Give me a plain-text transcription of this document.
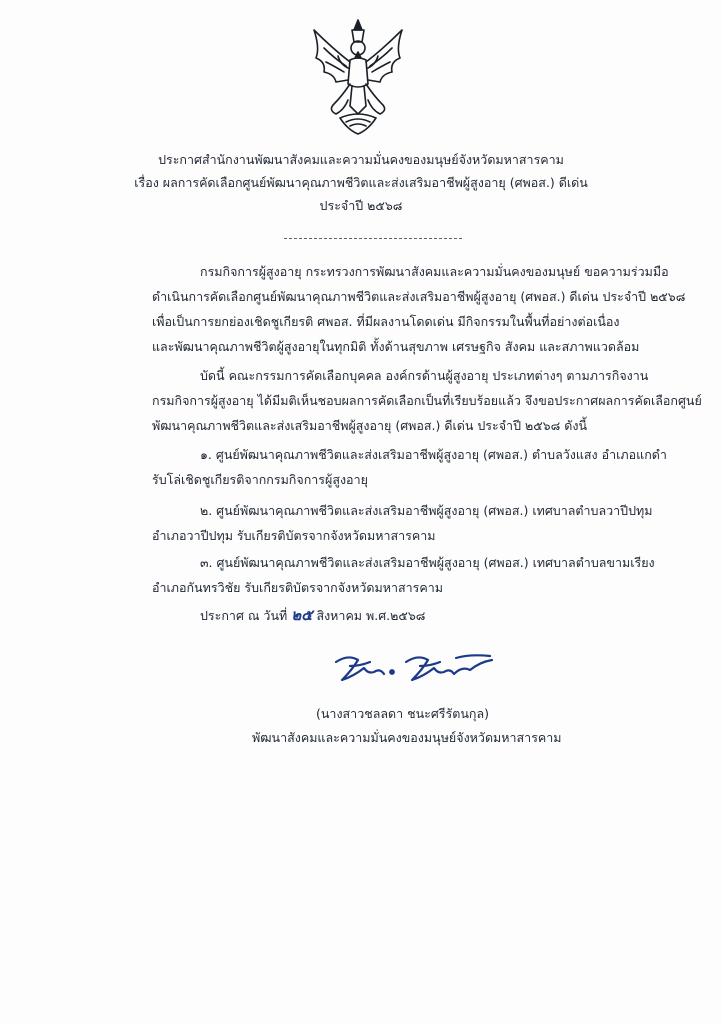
ประกาศสำนักงานพัฒนาสังคมและความมั่นคงของมนุษย์จังหวัดมหาสารคาม
เรื่อง ผลการคัดเลือกศูนย์พัฒนาคุณภาพชีวิตและส่งเสริมอาชีพผู้สูงอายุ (ศพอส.) ดีเด่น
ประจำปี ๒๕๖๘
กรมกิจการผู้สูงอายุ กระทรวงการพัฒนาสังคมและความมั่นคงของมนุษย์ ขอความร่วมมือ
ดำเนินการคัดเลือกศูนย์พัฒนาคุณภาพชีวิตและส่งเสริมอาชีพผู้สูงอายุ (ศพอส.) ดีเด่น ประจำปี ๒๕๖๘
เพื่อเป็นการยกย่องเชิดชูเกียรติ ศพอส. ที่มีผลงานโดดเด่น มีกิจกรรมในพื้นที่อย่างต่อเนื่อง
และพัฒนาคุณภาพชีวิตผู้สูงอายุในทุกมิติ ทั้งด้านสุขภาพ เศรษฐกิจ สังคม และสภาพแวดล้อม
บัดนี้ คณะกรรมการคัดเลือกบุคคล องค์กรด้านผู้สูงอายุ ประเภทต่างๆ ตามภารกิจงาน
กรมกิจการผู้สูงอายุ ได้มีมติเห็นชอบผลการคัดเลือกเป็นที่เรียบร้อยแล้ว จึงขอประกาศผลการคัดเลือกศูนย์
พัฒนาคุณภาพชีวิตและส่งเสริมอาชีพผู้สูงอายุ (ศพอส.) ดีเด่น ประจำปี ๒๕๖๘ ดังนี้
๑. ศูนย์พัฒนาคุณภาพชีวิตและส่งเสริมอาชีพผู้สูงอายุ (ศพอส.) ตำบลวังแสง อำเภอแกดำ
รับโล่เชิดชูเกียรติจากกรมกิจการผู้สูงอายุ
๒. ศูนย์พัฒนาคุณภาพชีวิตและส่งเสริมอาชีพผู้สูงอายุ (ศพอส.) เทศบาลตำบลวาปีปทุม
อำเภอวาปีปทุม รับเกียรติบัตรจากจังหวัดมหาสารคาม
๓. ศูนย์พัฒนาคุณภาพชีวิตและส่งเสริมอาชีพผู้สูงอายุ (ศพอส.) เทศบาลตำบลขามเรียง
อำเภอกันทรวิชัย รับเกียรติบัตรจากจังหวัดมหาสารคาม
ประกาศ ณ วันที่ ๒๕ สิงหาคม พ.ศ.๒๕๖๘
(นางสาวชลลดา ชนะศรีรัตนกุล)
พัฒนาสังคมและความมั่นคงของมนุษย์จังหวัดมหาสารคาม
